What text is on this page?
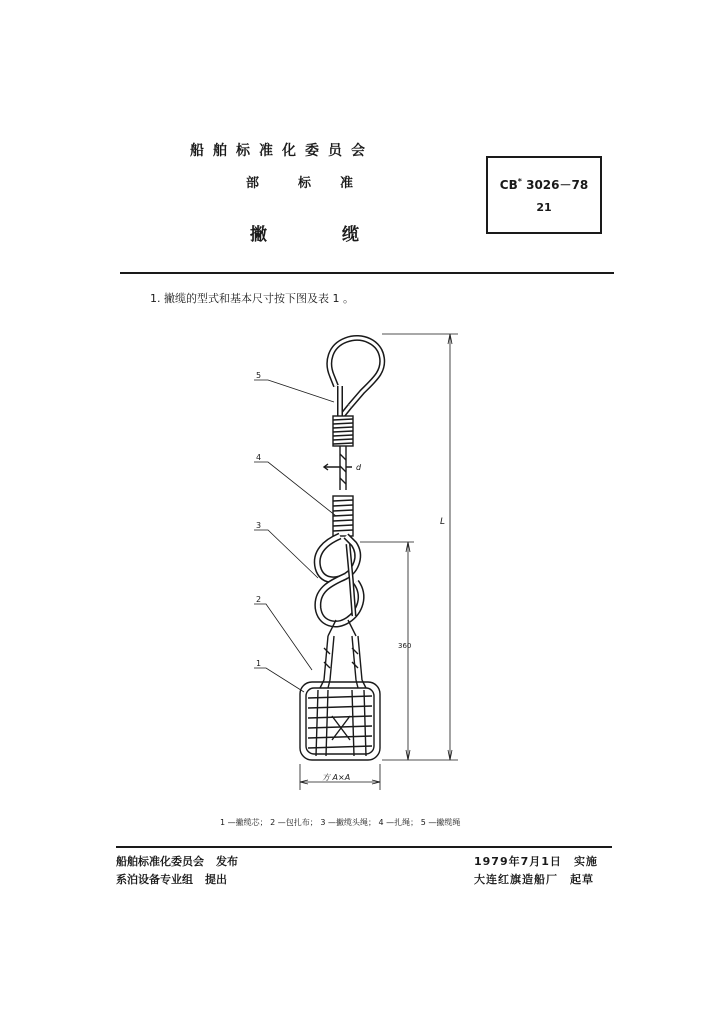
船舶标准化委员会
部	标 准
撇	缆
CB* 3026－78
21
1. 撇缆的型式和基本尺寸按下图及表 1 。
5
4
3
2
1
d
L
360
方 A×A
1 —撇缆芯； 2 —包扎布； 3 —撇缆头绳； 4 —扎绳； 5 —撇缆绳
船舶标准化委员会 发布
系泊设备专业组 提出
1979年7月1日 实施
大连红旗造船厂 起草
